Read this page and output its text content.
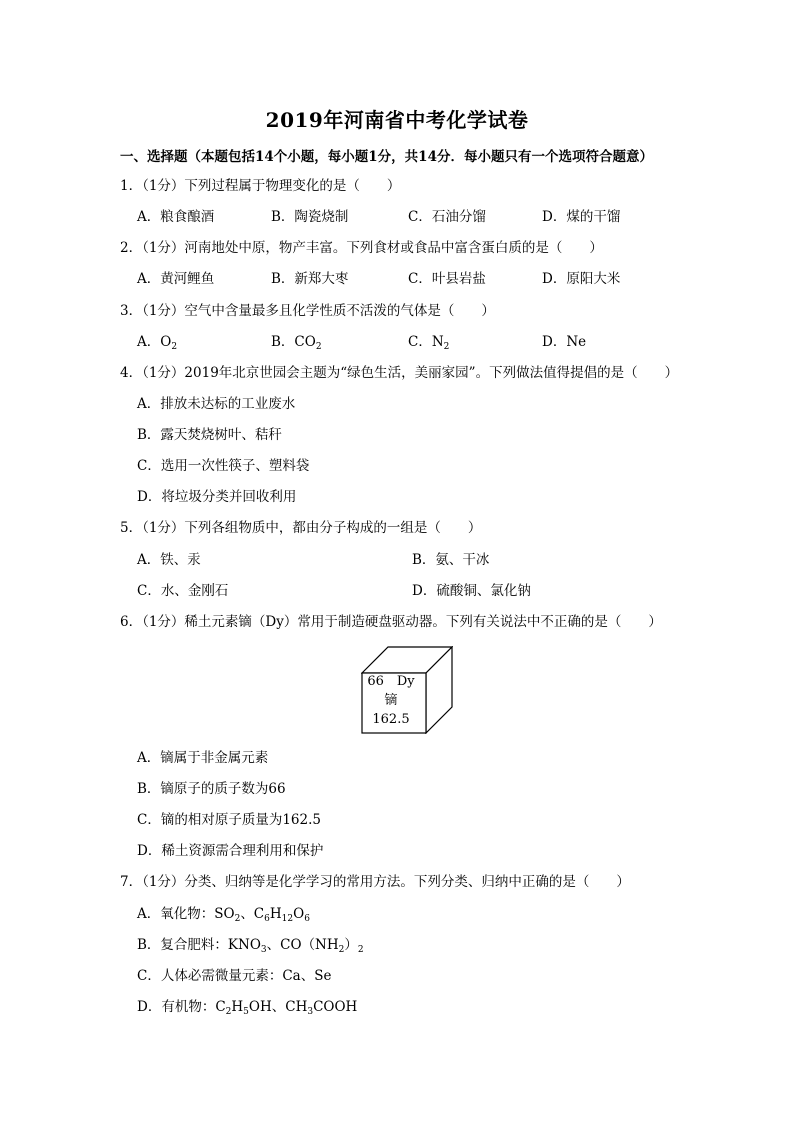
2019年河南省中考化学试卷
一、选择题（本题包括14个小题，每小题1分，共14分．每小题只有一个选项符合题意）
1．（1分）下列过程属于物理变化的是（　　）
A．粮食酿酒	B．陶瓷烧制	C．石油分馏	D．煤的干馏
2．（1分）河南地处中原，物产丰富。下列食材或食品中富含蛋白质的是（　　）
A．黄河鲤鱼	B．新郑大枣	C．叶县岩盐	D．原阳大米
3．（1分）空气中含量最多且化学性质不活泼的气体是（　　）
A．$O_2$	B．$CO_2$	C．$N_2$	D．Ne
4．（1分）2019年北京世园会主题为“绿色生活，美丽家园”。下列做法值得提倡的是（　　）
A．排放未达标的工业废水
B．露天焚烧树叶、秸秆
C．选用一次性筷子、塑料袋
D．将垃圾分类并回收利用
5．（1分）下列各组物质中，都由分子构成的一组是（　　）
A．铁、汞	B．氨、干冰
C．水、金刚石	D．硫酸铜、氯化钠
6．（1分）稀土元素镝（Dy）常用于制造硬盘驱动器。下列有关说法中不正确的是（　　）
66　Dy
镝
162.5
A．镝属于非金属元素
B．镝原子的质子数为66
C．镝的相对原子质量为162.5
D．稀土资源需合理利用和保护
7．（1分）分类、归纳等是化学学习的常用方法。下列分类、归纳中正确的是（　　）
A．氧化物：$SO_2$、$C_6H_{12}O_6$
B．复合肥料：$KNO_3$、$CO(NH_2)_2$
C．人体必需微量元素：Ca、Se
D．有机物：$C_2H_5OH$、$CH_3COOH$
